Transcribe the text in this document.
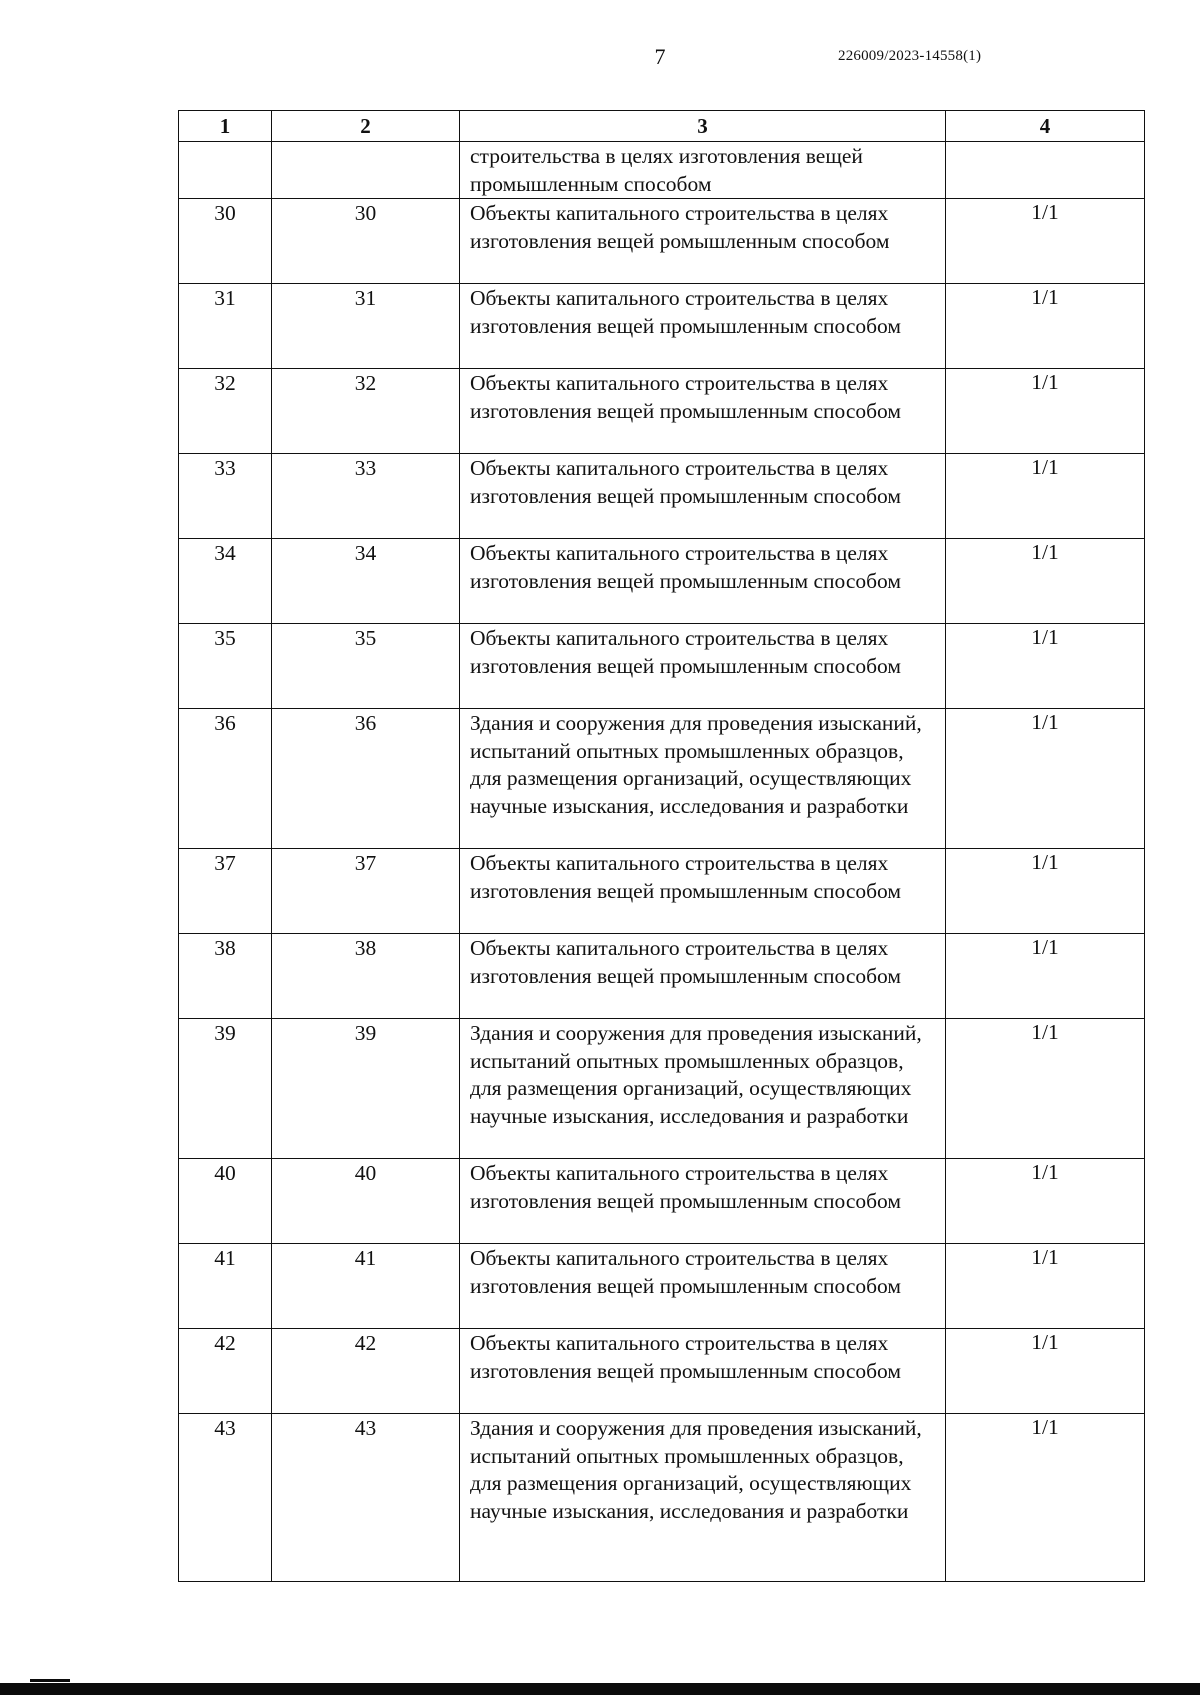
7	226009/2023-14558(1)
1	2	3	4
		строительства в целях изготовления вещей промышленным способом	
30	30	Объекты капитального строительства в целях изготовления вещей ромышленным способом	1/1
31	31	Объекты капитального строительства в целях изготовления вещей промышленным способом	1/1
32	32	Объекты капитального строительства в целях изготовления вещей промышленным способом	1/1
33	33	Объекты капитального строительства в целях изготовления вещей промышленным способом	1/1
34	34	Объекты капитального строительства в целях изготовления вещей промышленным способом	1/1
35	35	Объекты капитального строительства в целях изготовления вещей промышленным способом	1/1
36	36	Здания и сооружения для проведения изысканий, испытаний опытных промышленных образцов, для размещения организаций, осуществляющих научные изыскания, исследования и разработки	1/1
37	37	Объекты капитального строительства в целях изготовления вещей промышленным способом	1/1
38	38	Объекты капитального строительства в целях изготовления вещей промышленным способом	1/1
39	39	Здания и сооружения для проведения изысканий, испытаний опытных промышленных образцов, для размещения организаций, осуществляющих научные изыскания, исследования и разработки	1/1
40	40	Объекты капитального строительства в целях изготовления вещей промышленным способом	1/1
41	41	Объекты капитального строительства в целях изготовления вещей промышленным способом	1/1
42	42	Объекты капитального строительства в целях изготовления вещей промышленным способом	1/1
43	43	Здания и сооружения для проведения изысканий, испытаний опытных промышленных образцов, для размещения организаций, осуществляющих научные изыскания, исследования и разработки	1/1
